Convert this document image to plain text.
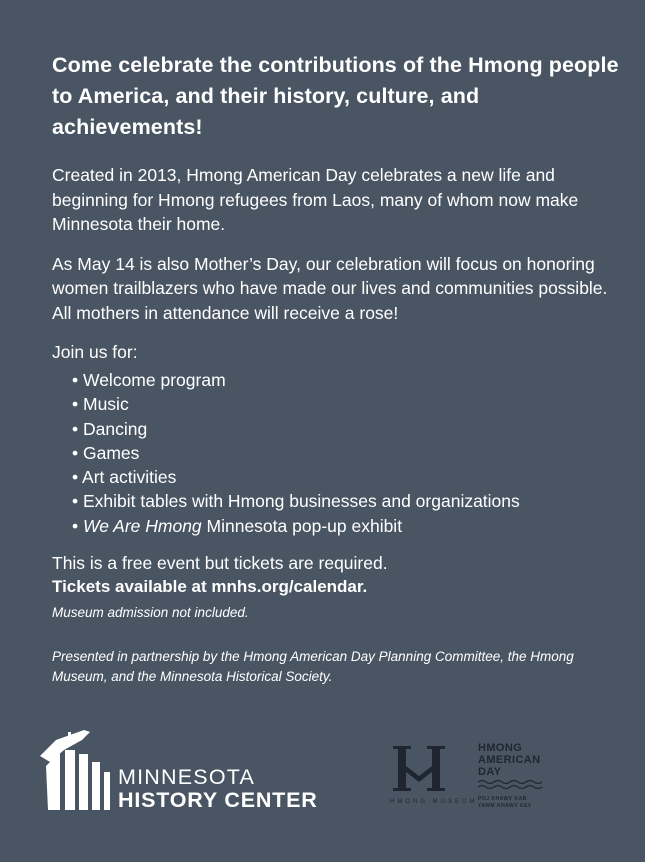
Come celebrate the contributions of the Hmong people to America, and their history, culture, and achievements!
Created in 2013, Hmong American Day celebrates a new life and beginning for Hmong refugees from Laos, many of whom now make Minnesota their home.
As May 14 is also Mother’s Day, our celebration will focus on honoring women trailblazers who have made our lives and communities possible. All mothers in attendance will receive a rose!
Join us for:
• Welcome program
• Music
• Dancing
• Games
• Art activities
• Exhibit tables with Hmong businesses and organizations
• We Are Hmong Minnesota pop-up exhibit
This is a free event but tickets are required.
Tickets available at mnhs.org/calendar.
Museum admission not included.
Presented in partnership by the Hmong American Day Planning Committee, the Hmong Museum, and the Minnesota Historical Society.
MINNESOTA
HISTORY CENTER	HMONG MUSEUM
HMONG
AMERICAN
DAY
POJ KHAWV KAB
YAWM KHAWV KEV
